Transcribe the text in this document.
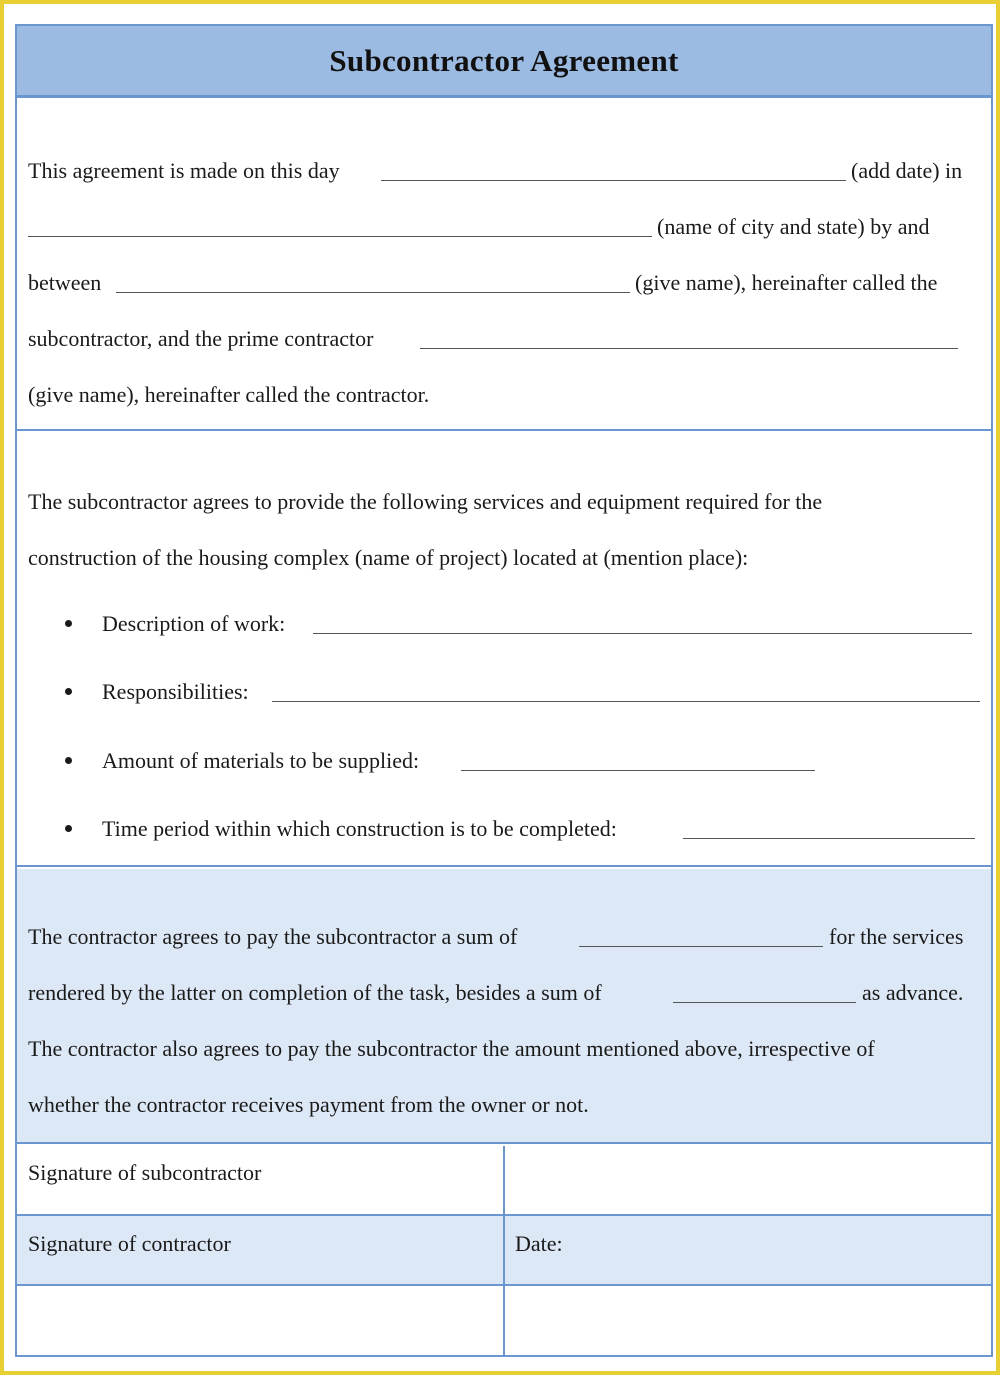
Subcontractor Agreement
This agreement is made on this day	(add date) in
(name of city and state) by and
between	(give name), hereinafter called the
subcontractor, and the prime contractor
(give name), hereinafter called the contractor.
The subcontractor agrees to provide the following services and equipment required for the
construction of the housing complex (name of project) located at (mention place):
Description of work:
Responsibilities:
Amount of materials to be supplied:
Time period within which construction is to be completed:
The contractor agrees to pay the subcontractor a sum of	for the services
rendered by the latter on completion of the task, besides a sum of	as advance.
The contractor also agrees to pay the subcontractor the amount mentioned above, irrespective of
whether the contractor receives payment from the owner or not.
Signature of subcontractor
Signature of contractor	Date:
